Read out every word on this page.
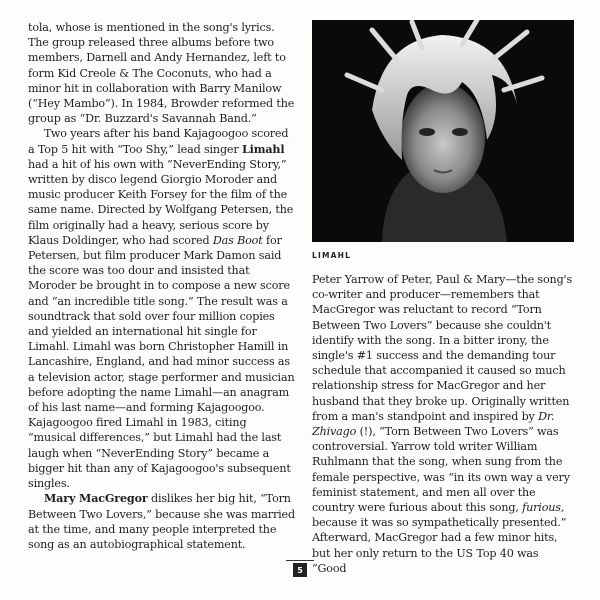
tola, whose is mentioned in the song's lyrics. The group released three albums before two members, Darnell and Andy Hernandez, left to form Kid Creole & The Coconuts, who had a minor hit in collaboration with Barry Manilow (“Hey Mambo”). In 1984, Browder reformed the group as “Dr. Buzzard's Savannah Band.”

Two years after his band Kajagoogoo scored a Top 5 hit with “Too Shy,” lead singer Limahl had a hit of his own with “NeverEnding Story,” written by disco legend Giorgio Moroder and music producer Keith Forsey for the film of the same name. Directed by Wolfgang Petersen, the film originally had a heavy, serious score by Klaus Doldinger, who had scored Das Boot for Petersen, but film producer Mark Damon said the score was too dour and insisted that Moroder be brought in to compose a new score and “an incredible title song.” The result was a soundtrack that sold over four million copies and yielded an international hit single for Limahl. Limahl was born Christopher Hamill in Lancashire, England, and had minor success as a television actor, stage performer and musician before adopting the name Limahl—an anagram of his last name—and forming Kajagoogoo. Kajagoogoo fired Limahl in 1983, citing “musical differences,” but Limahl had the last laugh when “NeverEnding Story” became a bigger hit than any of Kajagoogoo's subsequent singles.

Mary MacGregor dislikes her big hit, “Torn Between Two Lovers,” because she was married at the time, and many people interpreted the song as an autobiographical statement.

LIMAHL

Peter Yarrow of Peter, Paul & Mary—the song's co-writer and producer—remembers that MacGregor was reluctant to record “Torn Between Two Lovers” because she couldn't identify with the song. In a bitter irony, the single's #1 success and the demanding tour schedule that accompanied it caused so much relationship stress for MacGregor and her husband that they broke up. Originally written from a man's standpoint and inspired by Dr. Zhivago (!), “Torn Between Two Lovers” was controversial. Yarrow told writer William Ruhlmann that the song, when sung from the female perspective, was “in its own way a very feminist statement, and men all over the country were furious about this song, furious, because it was so sympathetically presented.” Afterward, MacGregor had a few minor hits, but her only return to the US Top 40 was “Good

5
